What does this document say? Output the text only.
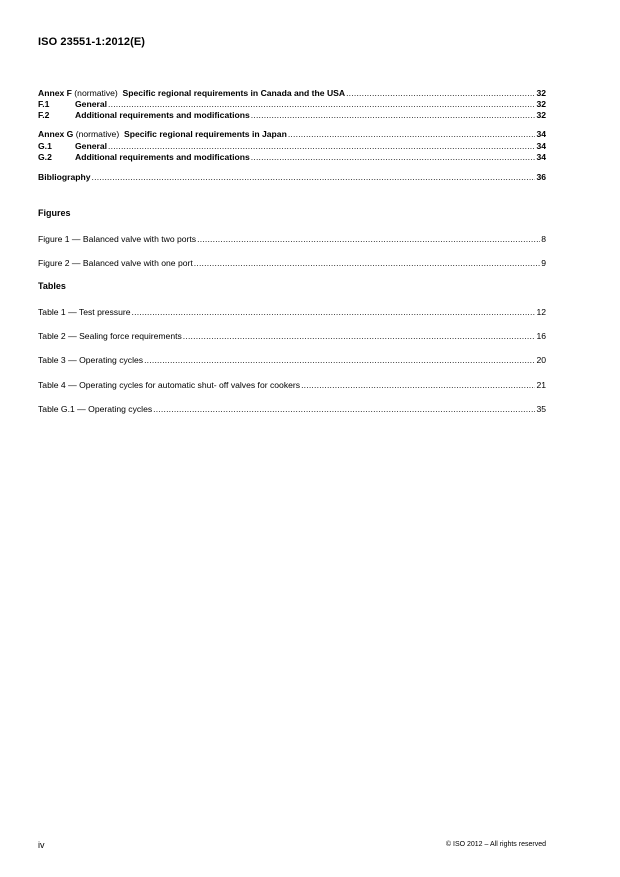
ISO 23551-1:2012(E)
Annex F (normative) Specific regional requirements in Canada and the USA .....	32
F.1	General .....	32
F.2	Additional requirements and modifications .....	32
Annex G (normative) Specific regional requirements in Japan .....	34
G.1	General .....	34
G.2	Additional requirements and modifications .....	34
Bibliography .....	36
Figures
Figure 1 — Balanced valve with two ports .....	8
Figure 2 — Balanced valve with one port .....	9
Tables
Table 1 — Test pressure .....	12
Table 2 — Sealing force requirements .....	16
Table 3 — Operating cycles .....	20
Table 4 — Operating cycles for automatic shut- off valves for cookers .....	21
Table G.1 — Operating cycles .....	35
iv	© ISO 2012 – All rights reserved
